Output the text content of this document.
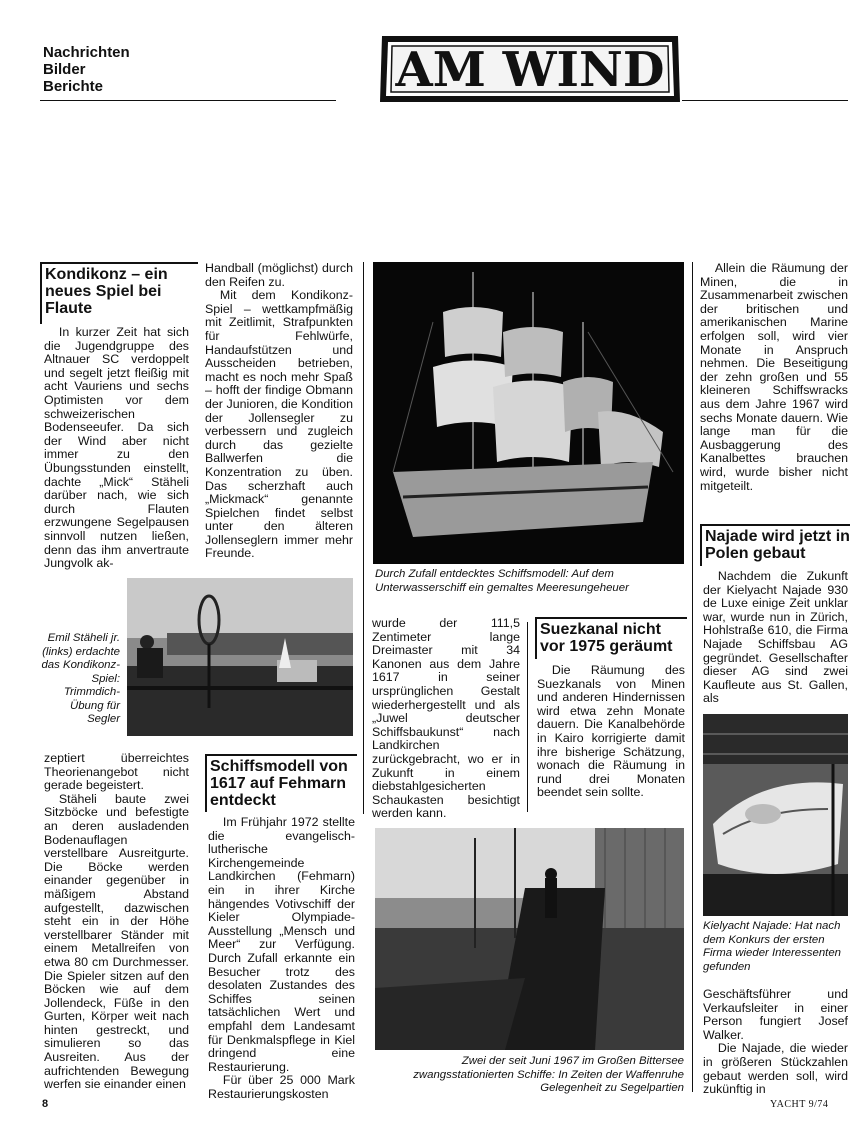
Nachrichten
Bilder
Berichte	AM WIND
Kondikonz – ein neues Spiel bei Flaute

In kurzer Zeit hat sich die Jugendgruppe des Altnauer SC verdoppelt und segelt jetzt fleißig mit acht Vauriens und sechs Optimisten vor dem schweizerischen Bodenseeufer. Da sich der Wind aber nicht immer zu den Übungsstunden einstellt, dachte „Mick“ Stäheli darüber nach, wie sich durch Flauten erzwungene Segelpausen sinnvoll nutzen ließen, denn das ihm anvertraute Jungvolk ak-

Handball (möglichst) durch den Reifen zu.

Mit dem Kondikonz-Spiel – wettkampfmäßig mit Zeitlimit, Strafpunkten für Fehlwürfe, Handaufstützen und Ausscheiden betrieben, macht es noch mehr Spaß – hofft der findige Obmann der Junioren, die Kondition der Jollensegler zu verbessern und zugleich durch das gezielte Ballwerfen die Konzentration zu üben. Das scherzhaft auch „Mickmack“ genannte Spielchen findet selbst unter den älteren Jollenseglern immer mehr Freunde.

Emil Stäheli jr. (links) erdachte das Kondikonz-Spiel: Trimmdich-Übung für Segler

zeptiert überreichtes Theorienangebot nicht gerade begeistert.

Stäheli baute zwei Sitzböcke und befestigte an deren ausladenden Bodenauflagen verstellbare Ausreitgurte. Die Böcke werden einander gegenüber in mäßigem Abstand aufgestellt, dazwischen steht ein in der Höhe verstellbarer Ständer mit einem Metallreifen von etwa 80 cm Durchmesser. Die Spieler sitzen auf den Böcken wie auf dem Jollendeck, Füße in den Gurten, Körper weit nach hinten gestreckt, und simulieren so das Ausreiten. Aus der aufrichtenden Bewegung werfen sie einander einen

Durch Zufall entdecktes Schiffsmodell: Auf dem Unterwasserschiff ein gemaltes Meeresungeheuer
Schiffsmodell von 1617 auf Fehmarn entdeckt

Im Frühjahr 1972 stellte die evangelisch-lutherische Kirchengemeinde Landkirchen (Fehmarn) ein in ihrer Kirche hängendes Votivschiff der Kieler Olympiade-Ausstellung „Mensch und Meer“ zur Verfügung. Durch Zufall erkannte ein Besucher trotz des desolaten Zustandes des Schiffes seinen tatsächlichen Wert und empfahl dem Landesamt für Denkmalspflege in Kiel dringend eine Restaurierung.

Für über 25 000 Mark Restaurierungskosten

wurde der 111,5 Zentimeter lange Dreimaster mit 34 Kanonen aus dem Jahre 1617 in seiner ursprünglichen Gestalt wiederhergestellt und als „Juwel deutscher Schiffsbaukunst“ nach Landkirchen zurückgebracht, wo er in Zukunft in einem diebstahlgesicherten Schaukasten besichtigt werden kann.

Suezkanal nicht vor 1975 geräumt

Die Räumung des Suezkanals von Minen und anderen Hindernissen wird etwa zehn Monate dauern. Die Kanalbehörde in Kairo korrigierte damit ihre bisherige Schätzung, wonach die Räumung in rund drei Monaten beendet sein sollte.

Zwei der seit Juni 1967 im Großen Bittersee zwangsstationierten Schiffe: In Zeiten der Waffenruhe Gelegenheit zu Segelpartien

Allein die Räumung der Minen, die in Zusammenarbeit zwischen der britischen und amerikanischen Marine erfolgen soll, wird vier Monate in Anspruch nehmen. Die Beseitigung der zehn großen und 55 kleineren Schiffswracks aus dem Jahre 1967 wird sechs Monate dauern. Wie lange man für die Ausbaggerung des Kanalbettes brauchen wird, wurde bisher nicht mitgeteilt.

Najade wird jetzt in Polen gebaut

Nachdem die Zukunft der Kielyacht Najade 930 de Luxe einige Zeit unklar war, wurde nun in Zürich, Hohlstraße 610, die Firma Najade Schiffsbau AG gegründet. Gesellschafter dieser AG sind zwei Kaufleute aus St. Gallen, als

Kielyacht Najade: Hat nach dem Konkurs der ersten Firma wieder Interessenten gefunden

Geschäftsführer und Verkaufsleiter in einer Person fungiert Josef Walker.

Die Najade, die wieder in größeren Stückzahlen gebaut werden soll, wird zukünftig in

8	YACHT 9/74
